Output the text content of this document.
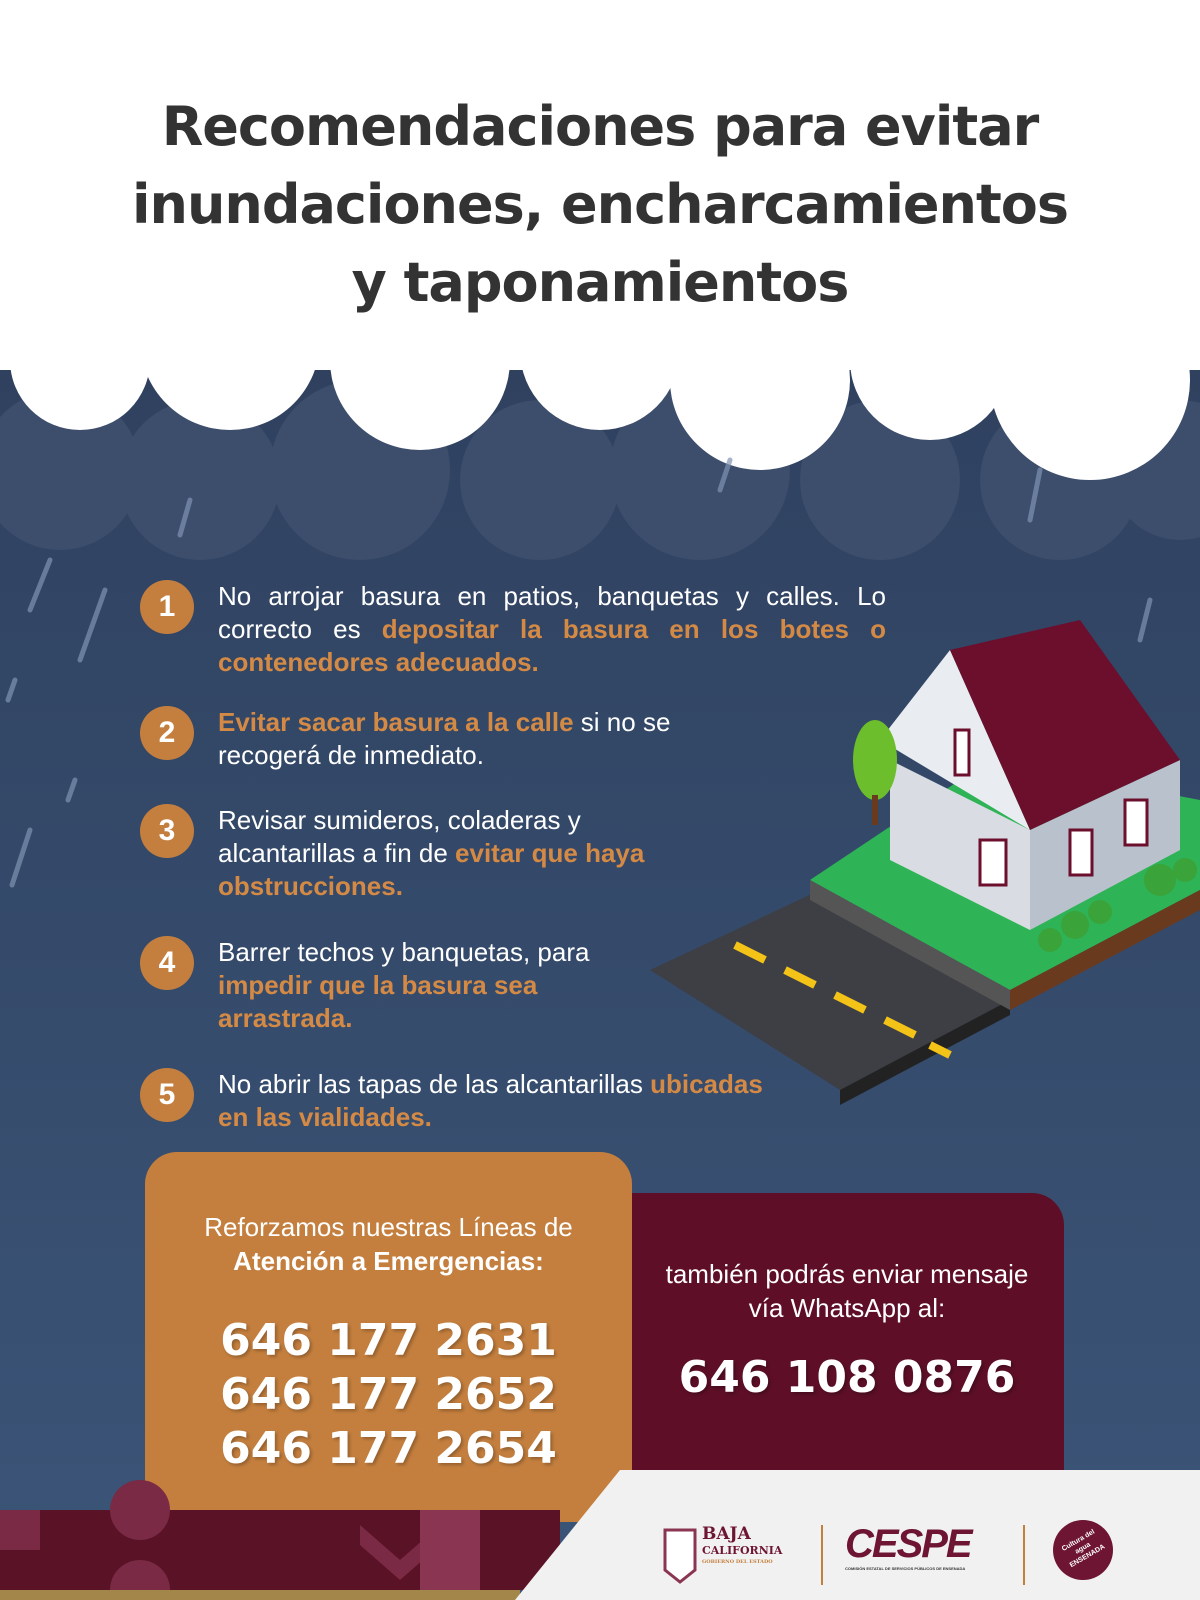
Recomendaciones para evitar
inundaciones, encharcamientos
y taponamientos
1	No arrojar basura en patios, banquetas y calles. Lo correcto es depositar la basura en los botes o contenedores adecuados.
2	Evitar sacar basura a la calle si no se recogerá de inmediato.
3	Revisar sumideros, coladeras y alcantarillas a fin de evitar que haya obstrucciones.
4	Barrer techos y banquetas, para impedir que la basura sea arrastrada.
5	No abrir las tapas de las alcantarillas ubicadas en las vialidades.
también podrás enviar mensaje vía WhatsApp al:
646 108 0876
Reforzamos nuestras Líneas de Atención a Emergencias:
646 177 2631
646 177 2652
646 177 2654
BAJA
CALIFORNIA
GOBIERNO DEL ESTADO CESPE
COMISIÓN ESTATAL DE SERVICIOS PÚBLICOS DE ENSENADA
Cultura del agua ENSENADA
